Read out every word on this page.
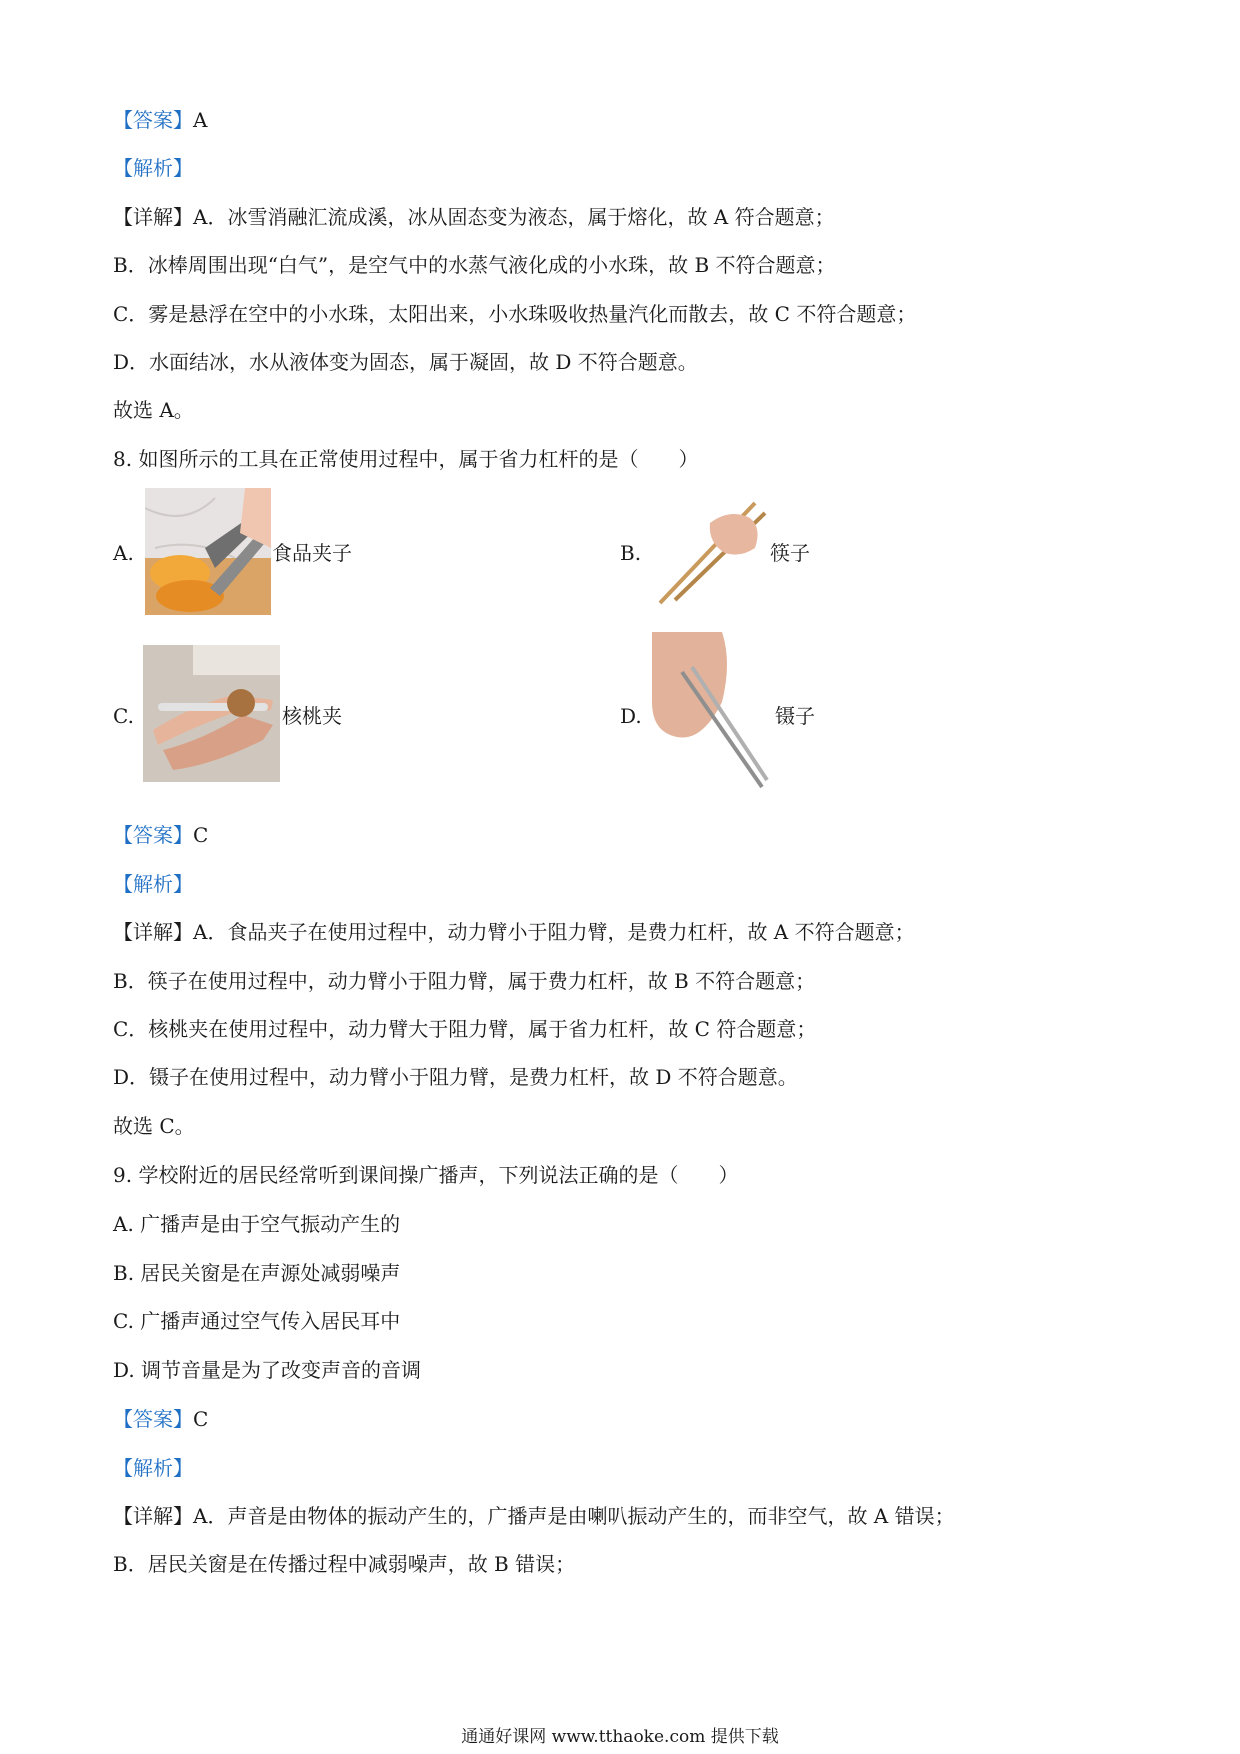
【答案】A
【解析】
【详解】A．冰雪消融汇流成溪，冰从固态变为液态，属于熔化，故 A 符合题意；
B．冰棒周围出现“白气”，是空气中的水蒸气液化成的小水珠，故 B 不符合题意；
C．雾是悬浮在空中的小水珠，太阳出来，小水珠吸收热量汽化而散去，故 C 不符合题意；
D．水面结冰，水从液体变为固态，属于凝固，故 D 不符合题意。
故选 A。
8. 如图所示的工具在正常使用过程中，属于省力杠杆的是（　　）
A.	食品夹子	B.	筷子
C.	核桃夹	D.	镊子
【答案】C
【解析】
【详解】A．食品夹子在使用过程中，动力臂小于阻力臂，是费力杠杆，故 A 不符合题意；
B．筷子在使用过程中，动力臂小于阻力臂，属于费力杠杆，故 B 不符合题意；
C．核桃夹在使用过程中，动力臂大于阻力臂，属于省力杠杆，故 C 符合题意；
D．镊子在使用过程中，动力臂小于阻力臂，是费力杠杆，故 D 不符合题意。
故选 C。
9. 学校附近的居民经常听到课间操广播声，下列说法正确的是（　　）
A. 广播声是由于空气振动产生的
B. 居民关窗是在声源处减弱噪声
C. 广播声通过空气传入居民耳中
D. 调节音量是为了改变声音的音调
【答案】C
【解析】
【详解】A．声音是由物体的振动产生的，广播声是由喇叭振动产生的，而非空气，故 A 错误；
B．居民关窗是在传播过程中减弱噪声，故 B 错误；
通通好课网 www.tthaoke.com 提供下载
